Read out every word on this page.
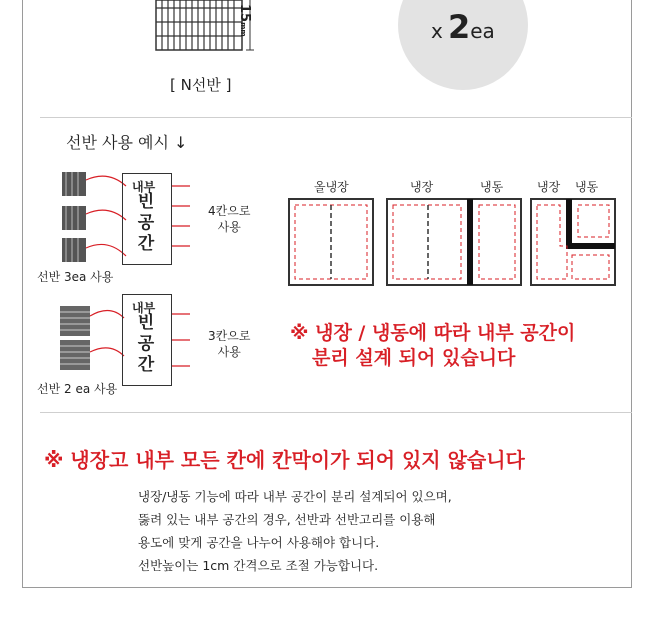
15mm
[ N선반 ]
x 2ea
선반 사용 예시 ↓
내부
빈
공
간
4칸으로
사용
선반 3ea 사용
내부
빈
공
간
3칸으로
사용
선반 2 ea 사용
올냉장	냉장	냉동	냉장 냉동
※ 냉장 / 냉동에 따라 내부 공간이
분리 설계 되어 있습니다
※ 냉장고 내부 모든 칸에 칸막이가 되어 있지 않습니다
냉장/냉동 기능에 따라 내부 공간이 분리 설계되어 있으며,
뚫려 있는 내부 공간의 경우, 선반과 선반고리를 이용해
용도에 맞게 공간을 나누어 사용해야 합니다.
선반높이는 1cm 간격으로 조절 가능합니다.
